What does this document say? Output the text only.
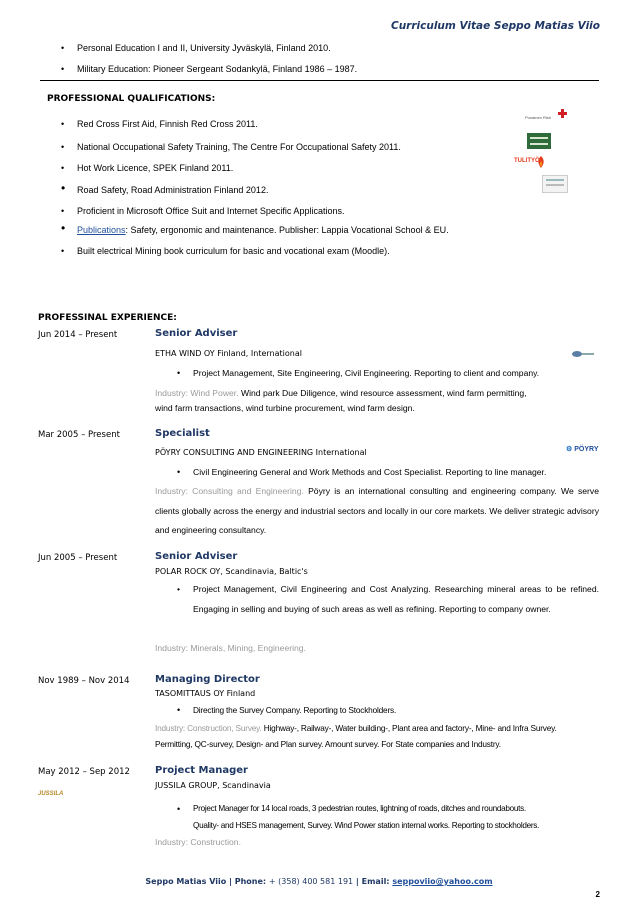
Curriculum Vitae Seppo Matias Viio
• Personal Education I and II, University Jyväskylä, Finland 2010.
• Military Education: Pioneer Sergeant Sodankylä, Finland 1986 – 1987.
PROFESSIONAL QUALIFICATIONS:
• Red Cross First Aid, Finnish Red Cross 2011.
• National Occupational Safety Training, The Centre For Occupational Safety 2011.
• Hot Work Licence, SPEK Finland 2011.
• Road Safety, Road Administration Finland 2012.
• Proficient in Microsoft Office Suit and Internet Specific Applications.
• Publications: Safety, ergonomic and maintenance. Publisher: Lappia Vocational School & EU.
• Built electrical Mining book curriculum for basic and vocational exam (Moodle).
Punainen Risti
TULITYÖ
PROFESSINAL EXPERIENCE:
Jun 2014 – Present	Senior Adviser
ETHA WIND OY Finland, International
• Project Management, Site Engineering, Civil Engineering. Reporting to client and company.
Industry: Wind Power. Wind park Due Diligence, wind resource assessment, wind farm permitting,
wind farm transactions, wind turbine procurement, wind farm design.
Mar 2005 – Present	Specialist
PÖYRY CONSULTING AND ENGINEERING International	⚙ PÖYRY
• Civil Engineering General and Work Methods and Cost Specialist. Reporting to line manager.
Industry: Consulting and Engineering. Pöyry is an international consulting and engineering company. We serve clients globally across the energy and industrial sectors and locally in our core markets. We deliver strategic advisory and engineering consultancy.
Jun 2005 – Present	Senior Adviser
POLAR ROCK OY, Scandinavia, Baltic's
• Project Management, Civil Engineering and Cost Analyzing. Researching mineral areas to be refined. Engaging in selling and buying of such areas as well as refining. Reporting to company owner.
Industry: Minerals, Mining, Engineering.
Nov 1989 – Nov 2014	Managing Director
TASOMITTAUS OY Finland
• Directing the Survey Company. Reporting to Stockholders.
Industry: Construction, Survey. Highway-, Railway-, Water building-, Plant area and factory-, Mine- and Infra Survey.
Permitting, QC-survey, Design- and Plan survey. Amount survey. For State companies and Industry.
May 2012 – Sep 2012	Project Manager
JUSSILA GROUP, Scandinavia
JUSSILA
• Project Manager for 14 local roads, 3 pedestrian routes, lightning of roads, ditches and roundabouts.
Quality- and HSES management, Survey. Wind Power station internal works. Reporting to stockholders.
Industry: Construction.
Seppo Matias Viio | Phone: + (358) 400 581 191 | Email: seppoviio@yahoo.com
2
